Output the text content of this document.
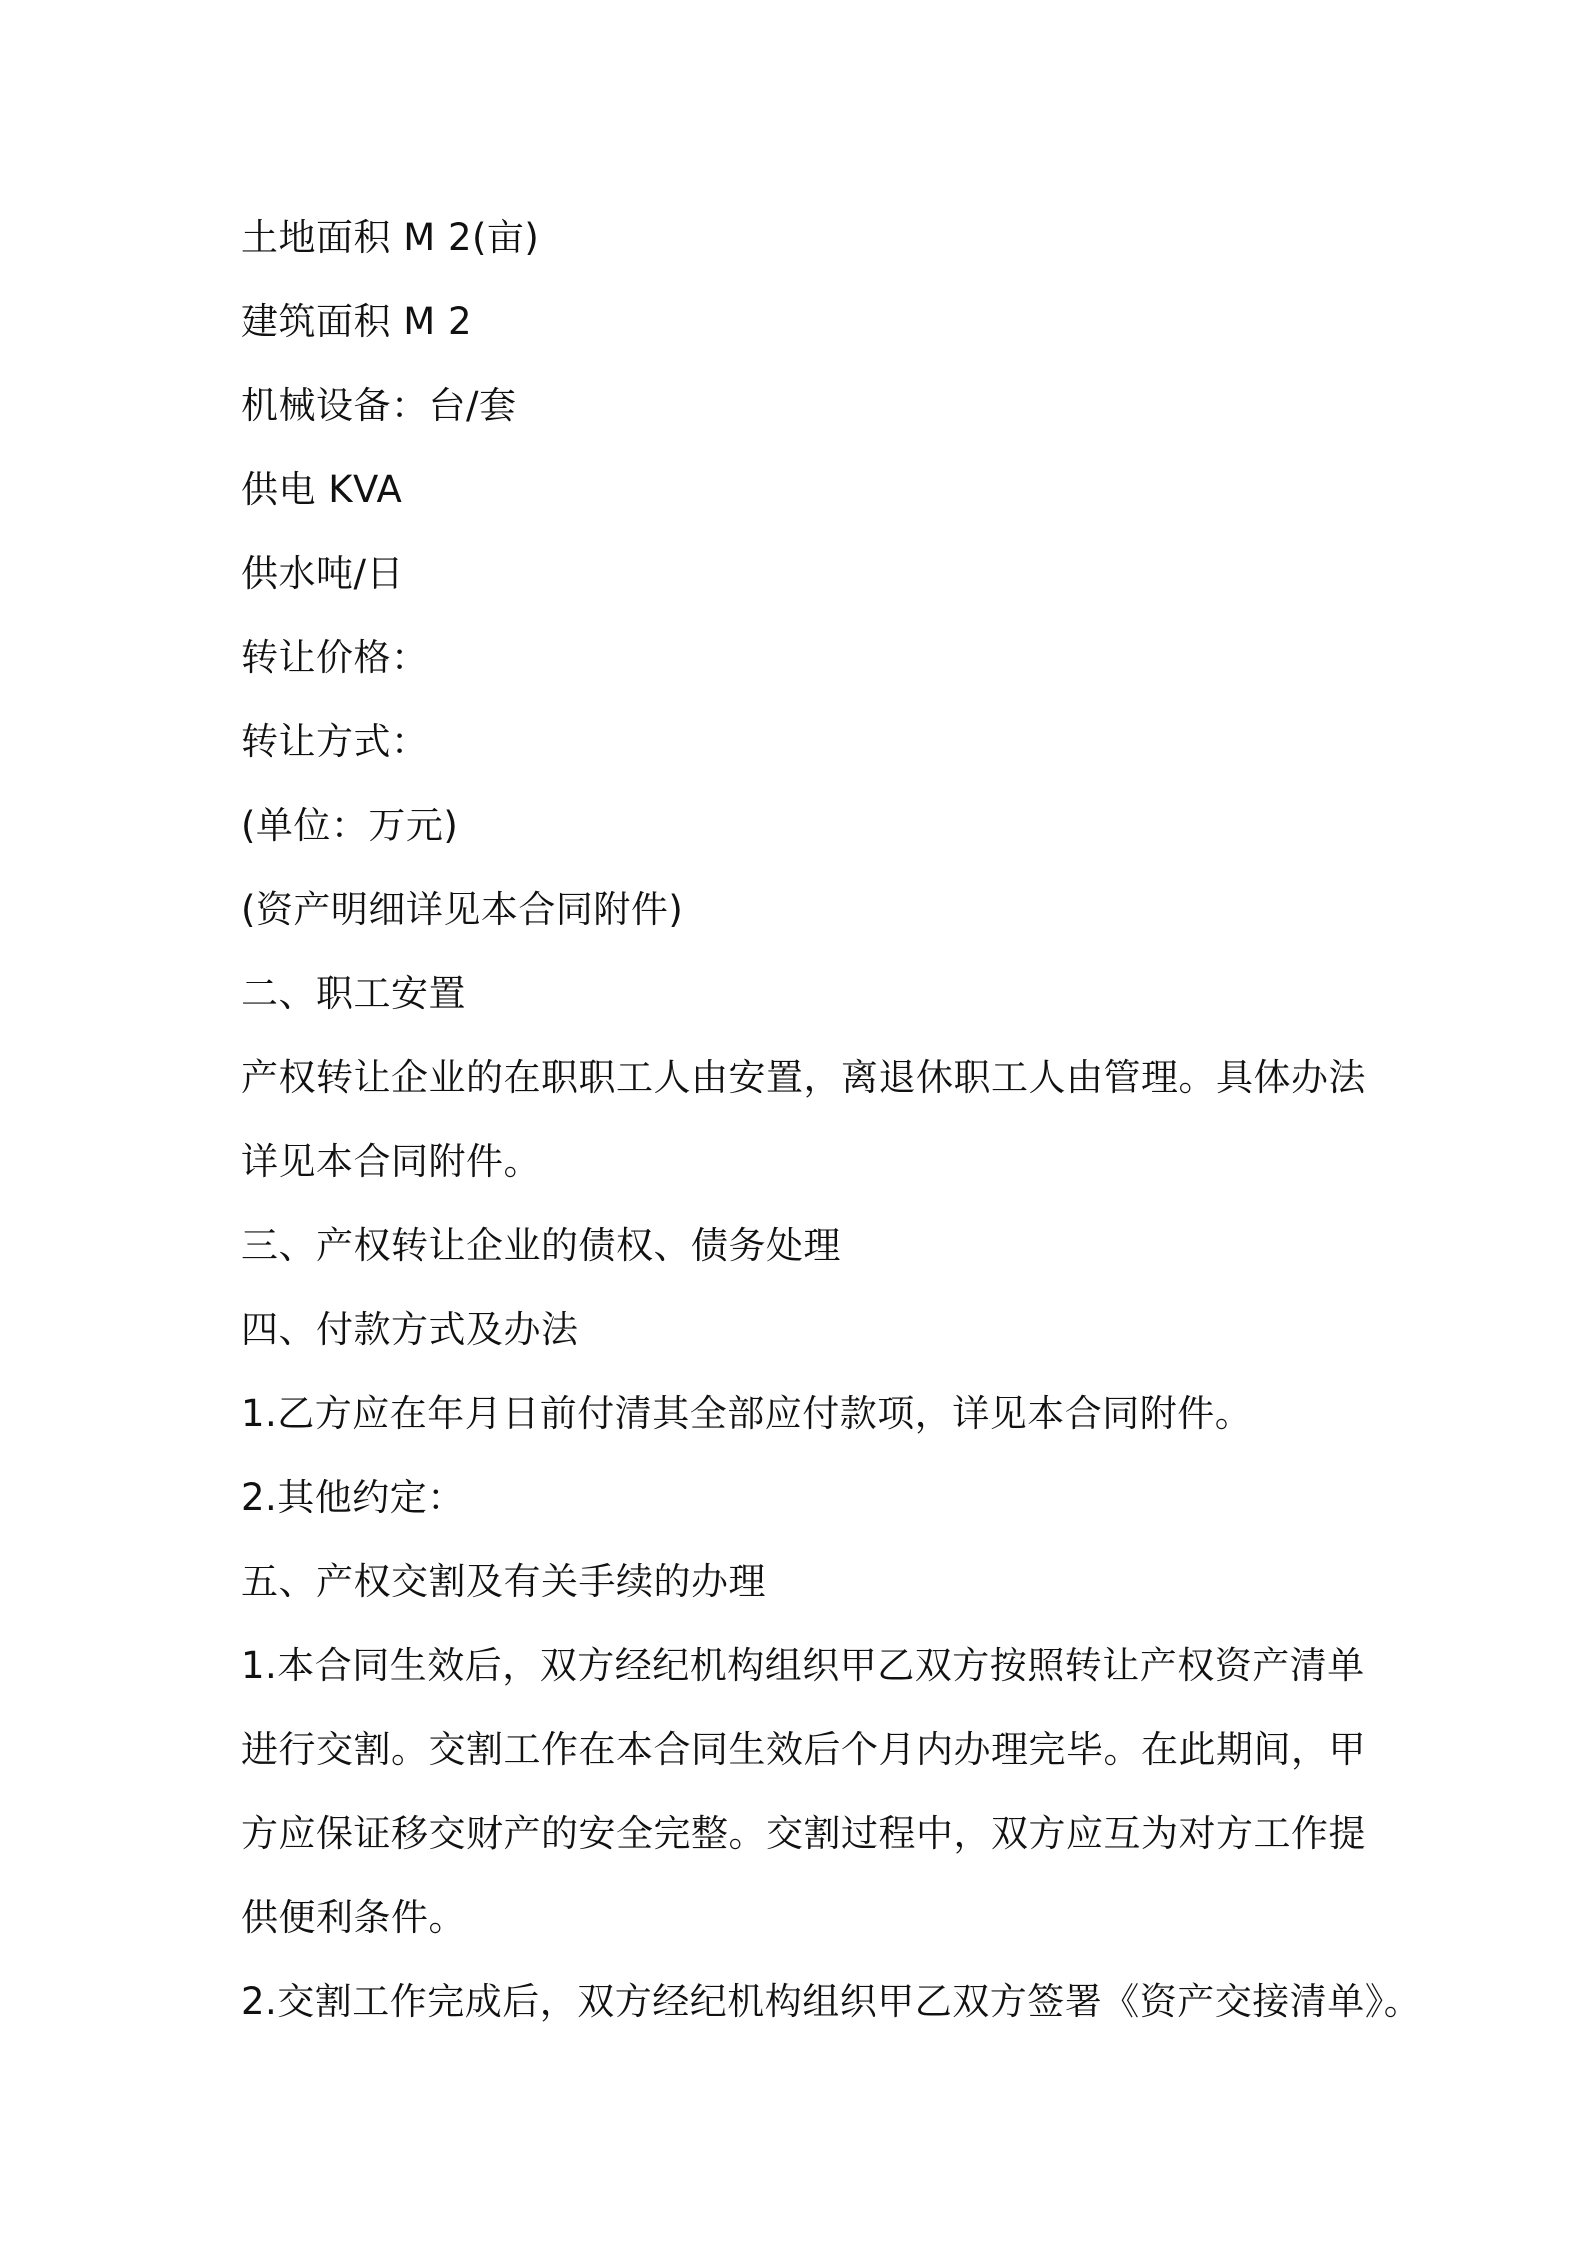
土地面积 M 2(亩)

建筑面积 M 2

机械设备：台/套

供电 KVA

供水吨/日

转让价格：

转让方式：

(单位：万元)

(资产明细详见本合同附件)

二、职工安置

产权转让企业的在职职工人由安置，离退休职工人由管理。具体办法

详见本合同附件。

三、产权转让企业的债权、债务处理

四、付款方式及办法

1.乙方应在年月日前付清其全部应付款项，详见本合同附件。

2.其他约定：

五、产权交割及有关手续的办理

1.本合同生效后，双方经纪机构组织甲乙双方按照转让产权资产清单

进行交割。交割工作在本合同生效后个月内办理完毕。在此期间，甲

方应保证移交财产的安全完整。交割过程中，双方应互为对方工作提

供便利条件。

2.交割工作完成后，双方经纪机构组织甲乙双方签署《资产交接清单》。
